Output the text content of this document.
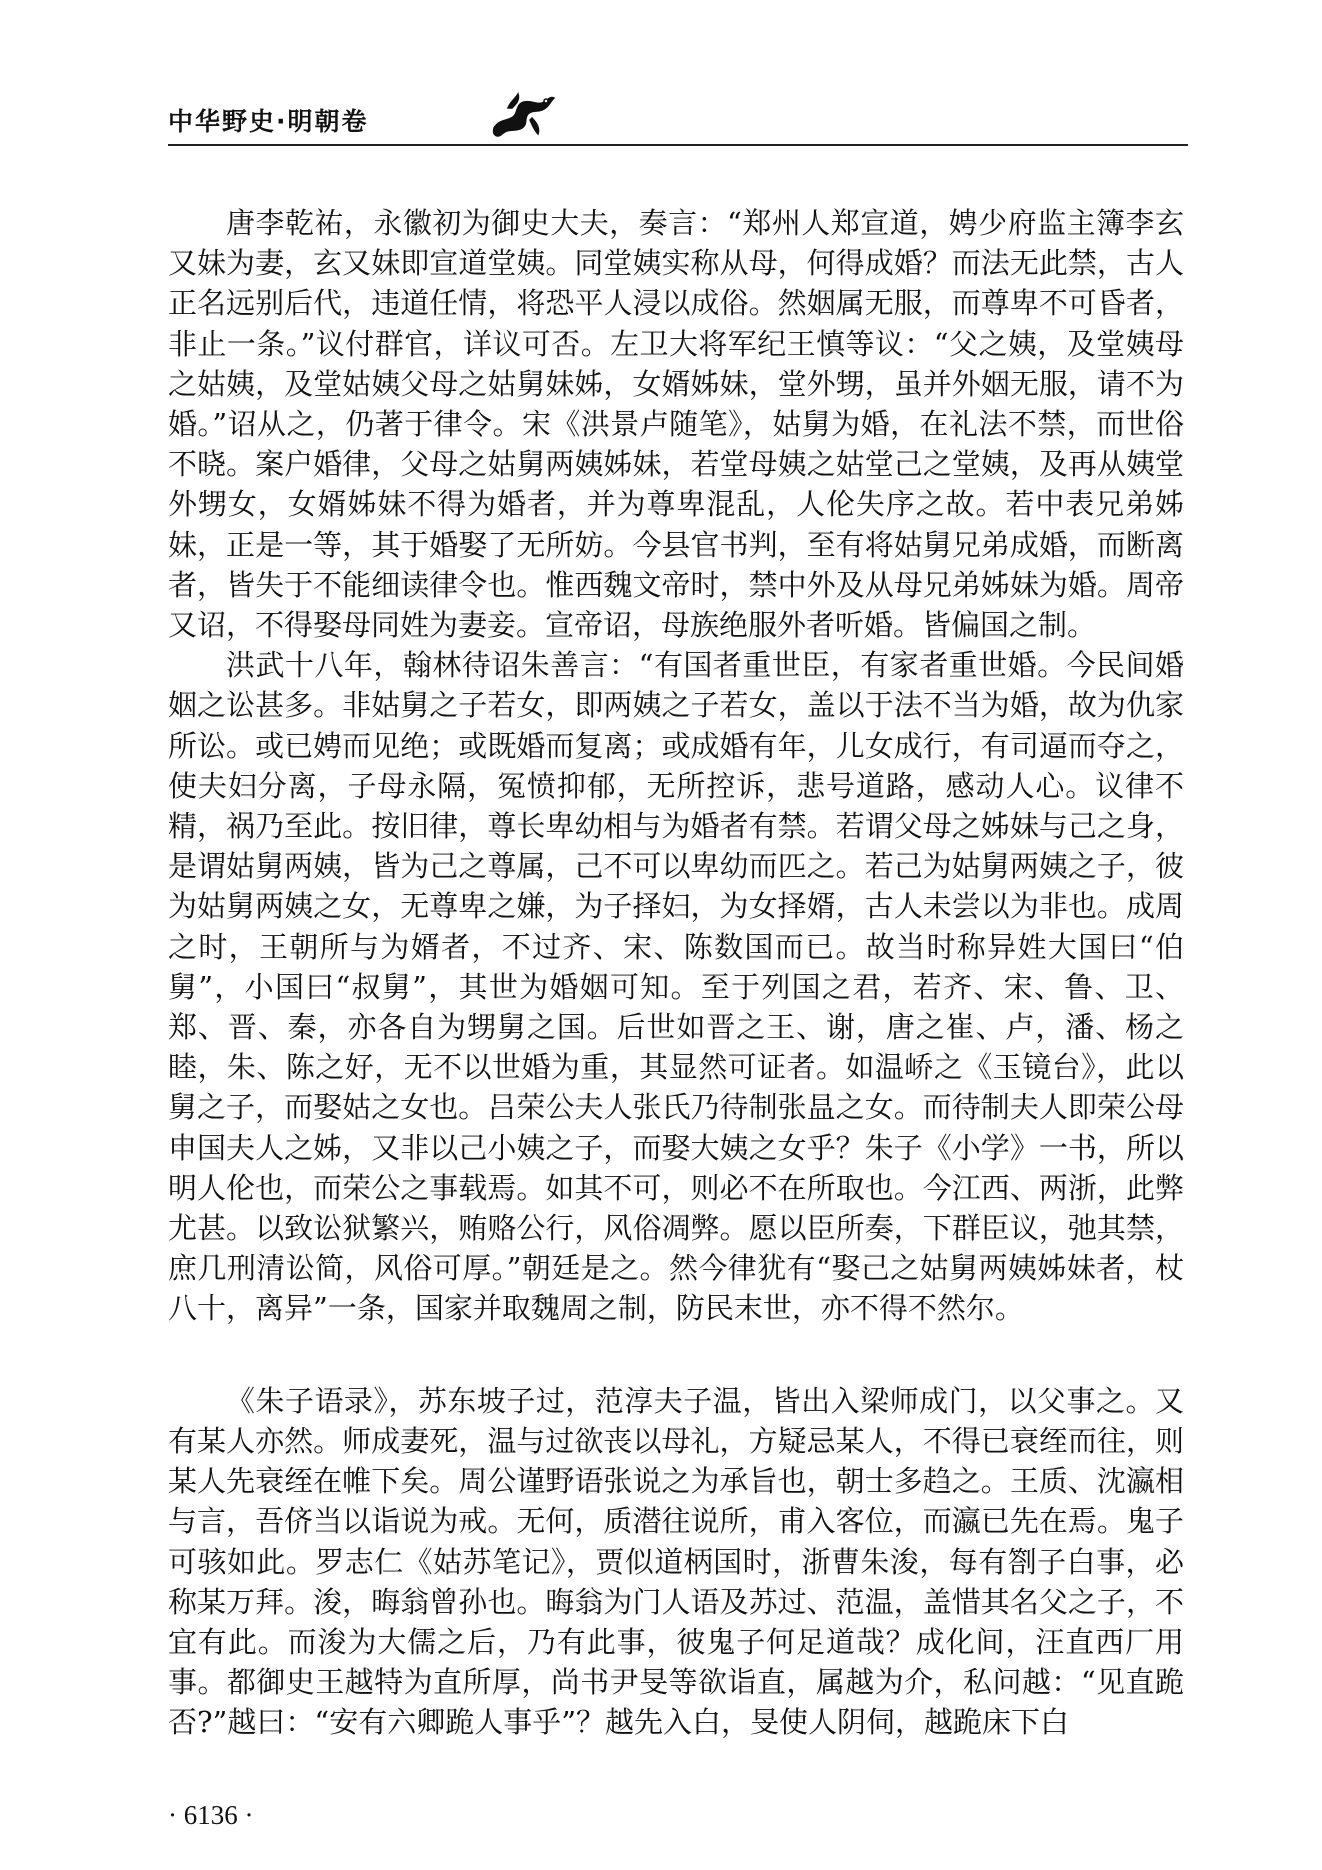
中华野史·明朝卷

唐李乾祐，永徽初为御史大夫，奏言：“郑州人郑宣道，娉少府监主簿李玄又妹为妻，玄又妹即宣道堂姨。同堂姨实称从母，何得成婚？而法无此禁，古人正名远别后代，违道任情，将恐平人浸以成俗。然姻属无服，而尊卑不可昏者，非止一条。”议付群官，详议可否。左卫大将军纪王慎等议：“父之姨，及堂姨母之姑姨，及堂姑姨父母之姑舅妹姊，女婿姊妹，堂外甥，虽并外姻无服，请不为婚。”诏从之，仍著于律令。宋《洪景卢随笔》，姑舅为婚，在礼法不禁，而世俗不晓。案户婚律，父母之姑舅两姨姊妹，若堂母姨之姑堂己之堂姨，及再从姨堂外甥女，女婿姊妹不得为婚者，并为尊卑混乱，人伦失序之故。若中表兄弟姊妹，正是一等，其于婚娶了无所妨。今县官书判，至有将姑舅兄弟成婚，而断离者，皆失于不能细读律令也。惟西魏文帝时，禁中外及从母兄弟姊妹为婚。周帝又诏，不得娶母同姓为妻妾。宣帝诏，母族绝服外者听婚。皆偏国之制。

洪武十八年，翰林待诏朱善言：“有国者重世臣，有家者重世婚。今民间婚姻之讼甚多。非姑舅之子若女，即两姨之子若女，盖以于法不当为婚，故为仇家所讼。或已娉而见绝；或既婚而复离；或成婚有年，儿女成行，有司逼而夺之，使夫妇分离，子母永隔，冤愤抑郁，无所控诉，悲号道路，感动人心。议律不精，祸乃至此。按旧律，尊长卑幼相与为婚者有禁。若谓父母之姊妹与己之身，是谓姑舅两姨，皆为己之尊属，己不可以卑幼而匹之。若己为姑舅两姨之子，彼为姑舅两姨之女，无尊卑之嫌，为子择妇，为女择婿，古人未尝以为非也。成周之时，王朝所与为婿者，不过齐、宋、陈数国而已。故当时称异姓大国曰“伯舅”，小国曰“叔舅”，其世为婚姻可知。至于列国之君，若齐、宋、鲁、卫、郑、晋、秦，亦各自为甥舅之国。后世如晋之王、谢，唐之崔、卢，潘、杨之睦，朱、陈之好，无不以世婚为重，其显然可证者。如温峤之《玉镜台》，此以舅之子，而娶姑之女也。吕荣公夫人张氏乃待制张昷之女。而待制夫人即荣公母申国夫人之姊，又非以己小姨之子，而娶大姨之女乎？朱子《小学》一书，所以明人伦也，而荣公之事载焉。如其不可，则必不在所取也。今江西、两浙，此弊尤甚。以致讼狱繁兴，贿赂公行，风俗凋弊。愿以臣所奏，下群臣议，弛其禁，庶几刑清讼简，风俗可厚。”朝廷是之。然今律犹有“娶己之姑舅两姨姊妹者，杖八十，离异”一条，国家并取魏周之制，防民末世，亦不得不然尔。

《朱子语录》，苏东坡子过，范淳夫子温，皆出入梁师成门，以父事之。又有某人亦然。师成妻死，温与过欲丧以母礼，方疑忌某人，不得已衰绖而往，则某人先衰绖在帷下矣。周公谨野语张说之为承旨也，朝士多趋之。王质、沈瀛相与言，吾侪当以诣说为戒。无何，质潜往说所，甫入客位，而瀛已先在焉。鬼子可骇如此。罗志仁《姑苏笔记》，贾似道柄国时，浙曹朱浚，每有劄子白事，必称某万拜。浚，晦翁曾孙也。晦翁为门人语及苏过、范温，盖惜其名父之子，不宜有此。而浚为大儒之后，乃有此事，彼鬼子何足道哉？成化间，汪直西厂用事。都御史王越特为直所厚，尚书尹旻等欲诣直，属越为介，私问越：“见直跪否?”越曰：“安有六卿跪人事乎”？越先入白，旻使人阴伺，越跪床下白

· 6136 ·
